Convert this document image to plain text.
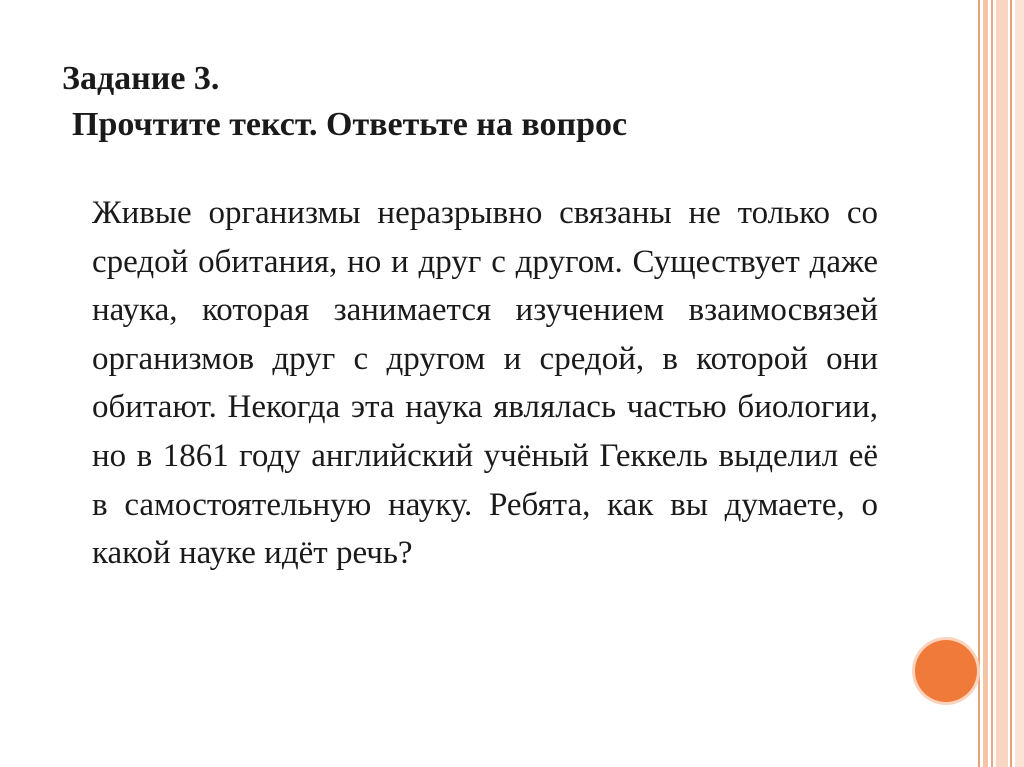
Задание 3.
Прочтите текст. Ответьте на вопрос

Живые организмы неразрывно связаны не только со средой обитания, но и друг с другом. Существует даже наука, которая занимается изучением взаимосвязей организмов друг с другом и средой, в которой они обитают. Некогда эта наука являлась частью биологии, но в 1861 году английский учёный Геккель выделил её в самостоятельную науку. Ребята, как вы думаете, о какой науке идёт речь?
